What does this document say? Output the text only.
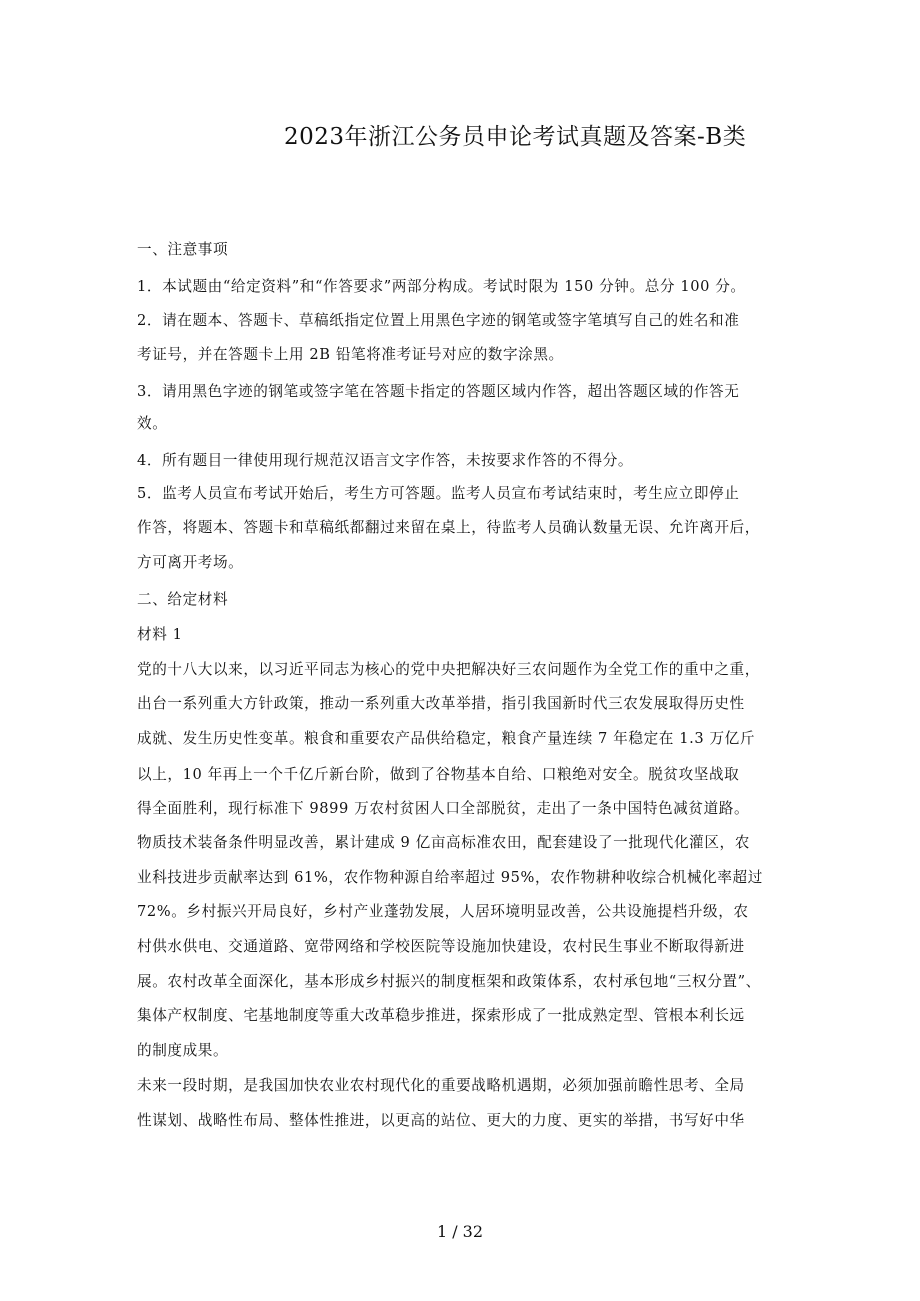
2023年浙江公务员申论考试真题及答案-B类
一、注意事项
1．本试题由“给定资料”和“作答要求”两部分构成。考试时限为 150 分钟。总分 100 分。
2．请在题本、答题卡、草稿纸指定位置上用黑色字迹的钢笔或签字笔填写自己的姓名和准
考证号，并在答题卡上用 2B 铅笔将准考证号对应的数字涂黑。
3．请用黑色字迹的钢笔或签字笔在答题卡指定的答题区域内作答，超出答题区域的作答无
效。
4．所有题目一律使用现行规范汉语言文字作答，未按要求作答的不得分。
5．监考人员宣布考试开始后，考生方可答题。监考人员宣布考试结束时，考生应立即停止
作答，将题本、答题卡和草稿纸都翻过来留在桌上，待监考人员确认数量无误、允许离开后，
方可离开考场。
二、给定材料
材料 1
党的十八大以来，以习近平同志为核心的党中央把解决好三农问题作为全党工作的重中之重，
出台一系列重大方针政策，推动一系列重大改革举措，指引我国新时代三农发展取得历史性
成就、发生历史性变革。粮食和重要农产品供给稳定，粮食产量连续 7 年稳定在 1.3 万亿斤
以上，10 年再上一个千亿斤新台阶，做到了谷物基本自给、口粮绝对安全。脱贫攻坚战取
得全面胜利，现行标准下 9899 万农村贫困人口全部脱贫，走出了一条中国特色减贫道路。
物质技术装备条件明显改善，累计建成 9 亿亩高标准农田，配套建设了一批现代化灌区，农
业科技进步贡献率达到 61%，农作物种源自给率超过 95%，农作物耕种收综合机械化率超过
72%。乡村振兴开局良好，乡村产业蓬勃发展，人居环境明显改善，公共设施提档升级，农
村供水供电、交通道路、宽带网络和学校医院等设施加快建设，农村民生事业不断取得新进
展。农村改革全面深化，基本形成乡村振兴的制度框架和政策体系，农村承包地“三权分置”、
集体产权制度、宅基地制度等重大改革稳步推进，探索形成了一批成熟定型、管根本利长远
的制度成果。
未来一段时期，是我国加快农业农村现代化的重要战略机遇期，必须加强前瞻性思考、全局
性谋划、战略性布局、整体性推进，以更高的站位、更大的力度、更实的举措，书写好中华
1 / 32
